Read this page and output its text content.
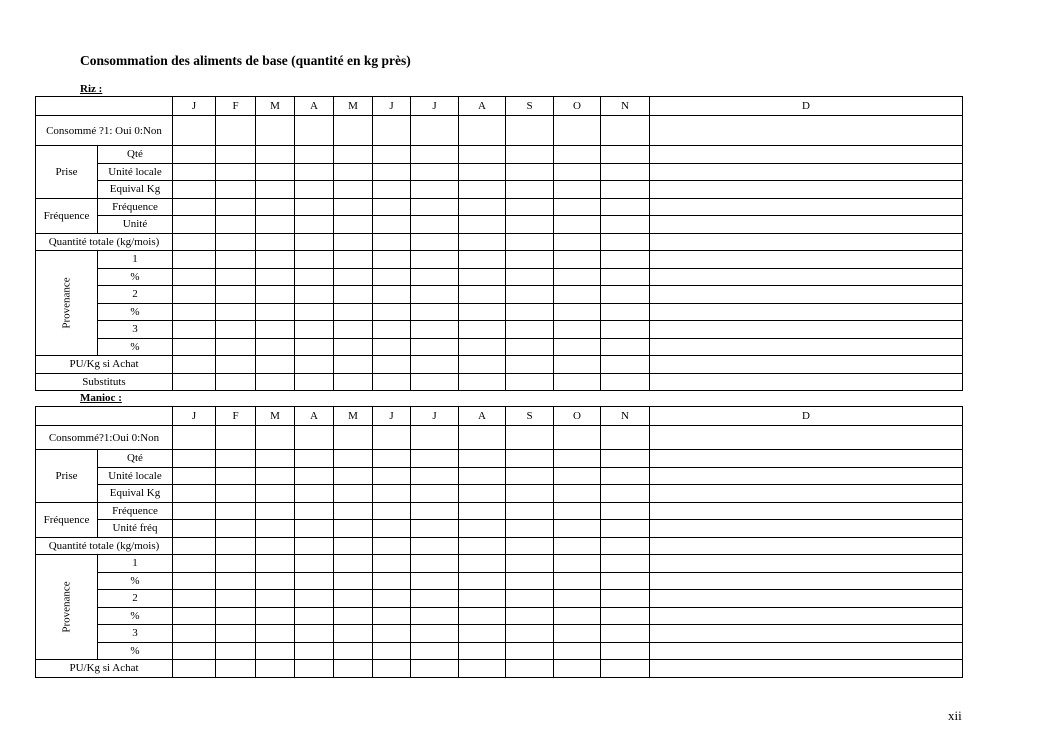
Consommation des aliments de base (quantité en kg près)
Riz :
		J	F	M	A	M	J	J	A	S	O	N	D	
Consommé ?1: Oui 0:Non														
Prise	Qté													
	Unité locale													
	Equival Kg													
Fréquence	Fréquence													
	Unité													
Quantité totale (kg/mois)														
Provenance	1													
	%													
	2													
	%													
	3													
	%													
PU/Kg si Achat														
Substituts														
Manioc :
		J	F	M	A	M	J	J	A	S	O	N	D	
Consommé?1:Oui 0:Non														
Prise	Qté													
	Unité locale													
	Equival Kg													
Fréquence	Fréquence													
	Unité fréq													
Quantité totale (kg/mois)														
Provenance	1													
	%													
	2													
	%													
	3													
	%													
PU/Kg si Achat														
xii
